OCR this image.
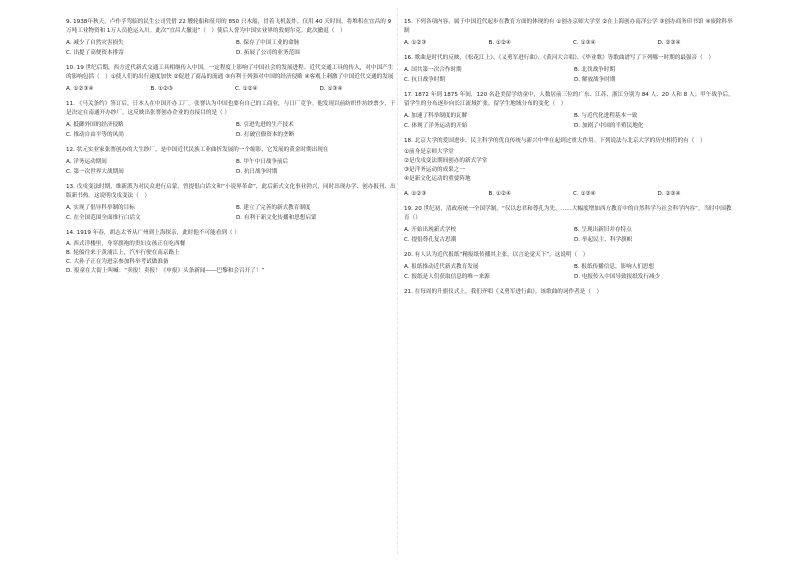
9. 1938年秋天，卢作孚驾临的民生公司凭借 22 艘轮船和征用的 850 只木船，冒着飞机轰炸，仅用 40 天时间，将堆积在宜昌的 9万吨工业物资和 1万人员抢运入川。此次“宜昌大撤退”（　）使后人誉为中国实业界的敦刻尔克。此次撤退（　）
A. 减少了自然灾害损失	B. 保存了中国工业的命脉
C. 出提了高便资本排寄	D. 拓展了公司的业务范围
10. 19 世纪后期，西方近代新式交通工具相继传入中国，一定程度上影响了中国社会的发展进程。近代交通工具的传入，对中国产生的影响包括（　）①使人们的出行速度加快 ②促进了商品的流通 ③有利于列强对中国的经济侵略 ④客观上刺激了中国近代交通的发展
A. ①②③④	B. ①②③	C. ①②④	D. ①③④
11. 《马关条约》签订后，日本人在中国开办工厂。张謇认为中国也要有自己的工商业，与日厂竞争。他发现以前纺织作坊纱票少，于是决定在南通开办纱厂。这反映出张謇创办企业的直接目的是（ ）
A. 抵御外国的经济侵略	B. 引进先进的生产技术
C. 推动自由平等的风尚	D. 打破官僚资本的垄断
12. 状元实业家张謇创办的大生纱厂，是中国近代民族工业曲折发展的一个缩影，它发展的黄金时期出现在
A. 洋务运动期间	B. 甲午中日战争前后
C. 第一次世界大战期间	D. 抗日战争时期
13. 戊戌变法时期，维新派为对民众进行启蒙，曾提倡白话文和“小说界革命”，此后新式文化事业勃兴，同时出现办学、创办报刊、出版新书热。这说明戊戌变法（　）
A. 实现了倡导科举制的目标	B. 建立了完善的新式教育制度
C. 在全国范围全面推行白话文	D. 有利于新文化传播和思想启蒙
14. 1919 年春，胡志太爷从广州到上海探亲，此时他不可能看到（ ）
A. 西式洋楼里，身穿旗袍的贵妇女孩正在吃西餐
B. 轮船往来于黄浦江上，汽车行驶在南京路上
C. 大孙子正在为进京参加科举考试做准备
D. 报童在大街上叫喊：“卖报！卖报！《申报》头条新闻——巴黎和会召开了！”
15. 下列各项内容，属于中国近代起步在教育方面的体现的有 ①创办京师大学堂 ②在上海创办南洋公学 ③创办商务印书馆 ④废除科举制
A. ①②③	B. ①②④	C. ①③④	D. ②③④
16. 歌曲是时代的反映，《松花江上》、《义勇军进行曲》、《黄河大合唱》、《毕业歌》等歌曲谱写了下列哪一时期的最强音（　）
A. 国共第一次合作时期	B. 北伐战争时期
C. 抗日战争时期	D. 解放战争时期
17. 1872 年到 1875 年间，120 名赴美留学幼童中，人数居前三位的广东、江苏、浙江分别为 84 人、20 人和 8 人；甲午战争后，留学生的分布逐步向长江流域扩张。留学生地域分布的变化（　）
A. 加速了科举制度的瓦解	B. 与近代化进程基本一致
C. 体现了洋务运动的开始	D. 加剧了中国的半殖民地化
18. 北京大学的爱国进步、民主科学的优良传统与新兴中华在起到过重大作用。下列说法与北京大学的历史相符的有（　）
①前身是京师大学堂
②是戊戌变法期间创办的新式学堂
③是洋务运动的成果之一
④是新文化运动的重要阵地
A. ①②③	B. ①②④	C. ①③④	D. ②③④
19. 20 世纪初，清政府统一全国学制，“仅以忠君和尊孔为先，……大幅度增加西方教育中的自然科学与社会科学内容”。当时中国教育（）
A. 开始出现新式学校	B. 呈现出新旧并存特点
C. 提倡尊孔复古思潮	D. 举起民主、科学旗帜
20. 有人认为近代报纸“精报纸传播其主张，以言论觉天下”，这说明（　）
A. 报纸推动近代新式教育发展	B. 报纸传播信息，影响人们思想
C. 报纸是人们获取信息的唯一来源	D. 电报传入中国导致报纸发行减少
21. 在每周的升旗仪式上，我们齐唱《义勇军进行曲》。该歌曲的词作者是（　）
